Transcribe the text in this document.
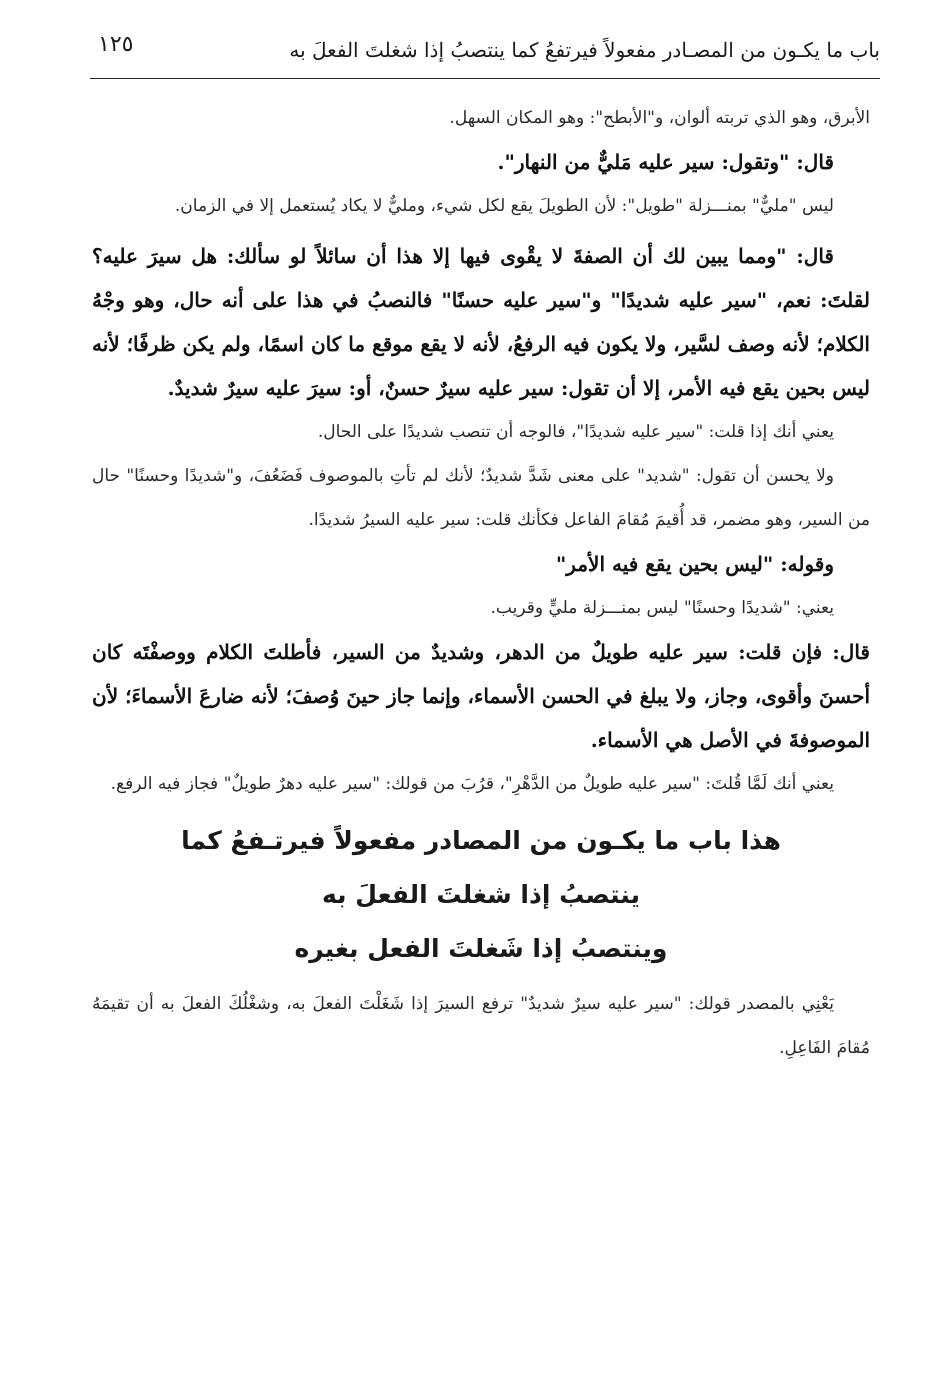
باب ما يكـون من المصـادر مفعولاً فيرتفعُ كما ينتصبُ إذا شغلتَ الفعلَ به
١٢٥

الأبرق، وهو الذي تربته ألوان، و"الأبطح": وهو المكان السهل.

قال: "وتقول: سير عليه مَليٌّ من النهار".

ليس "مليٌّ" بمنـــزلة "طويل": لأن الطويلَ يقع لكل شيء، ومليٌّ لا يكاد يُستعمل إلا في الزمان.

قال: "ومما يبين لك أن الصفةَ لا يقْوى فيها إلا هذا أن سائلاً لو سألك: هل سيرَ عليه؟ لقلتَ: نعم، "سير عليه شديدًا" و"سير عليه حسنًا" فالنصبُ في هذا على أنه حال، وهو وجْهُ الكلام؛ لأنه وصف لسَّير، ولا يكون فيه الرفعُ، لأنه لا يقع موقع ما كان اسمًا، ولم يكن ظرفًا؛ لأنه ليس بحين يقع فيه الأمر، إلا أن تقول: سير عليه سيرٌ حسنٌ، أو: سيرَ عليه سيرٌ شديدٌ.

يعني أنك إذا قلت: "سير عليه شديدًا"، فالوجه أن تنصب شديدًا على الحال.

ولا يحسن أن تقول: "شديد" على معنى شَدَّ شديدٌ؛ لأنك لم تأتِ بالموصوف فَضَعُفَ، و"شديدًا وحسنًا" حال من السير، وهو مضمر، قد أُقيمَ مُقامَ الفاعل فكأنك قلت: سير عليه السيرُ شديدًا.

وقوله: "ليس بحين يقع فيه الأمر"

يعني: "شديدًا وحسنًا" ليس بمنـــزلة مليٍّ وقريب.

قال: فإن قلت: سير عليه طويلٌ من الدهر، وشديدٌ من السير، فأطلتَ الكلام ووصفْتَه كان أحسنَ وأقوى، وجاز، ولا يبلغ في الحسن الأسماء، وإنما جاز حينَ وُصفَ؛ لأنه ضارعَ الأسماءَ؛ لأن الموصوفةَ في الأصل هي الأسماء.

يعني أنك لَمَّا قُلتَ: "سير عليه طويلٌ من الدَّهْرِ"، قرُبَ من قولك: "سير عليه دهرٌ طويلٌ" فجاز فيه الرفع.

هذا باب ما يكـون من المصادر مفعولاً فيرتـفعُ كما
ينتصبُ إذا شغلتَ الفعلَ به
وينتصبُ إذا شَغلتَ الفعل بغيره

يَعْنِي بالمصدر قولك: "سير عليه سيرٌ شديدٌ" ترفع السيرَ إذا شَغَلْتَ الفعلَ به، وشغْلُكَ الفعلَ به أن تقيمَهُ مُقامَ الفَاعِلِ.
